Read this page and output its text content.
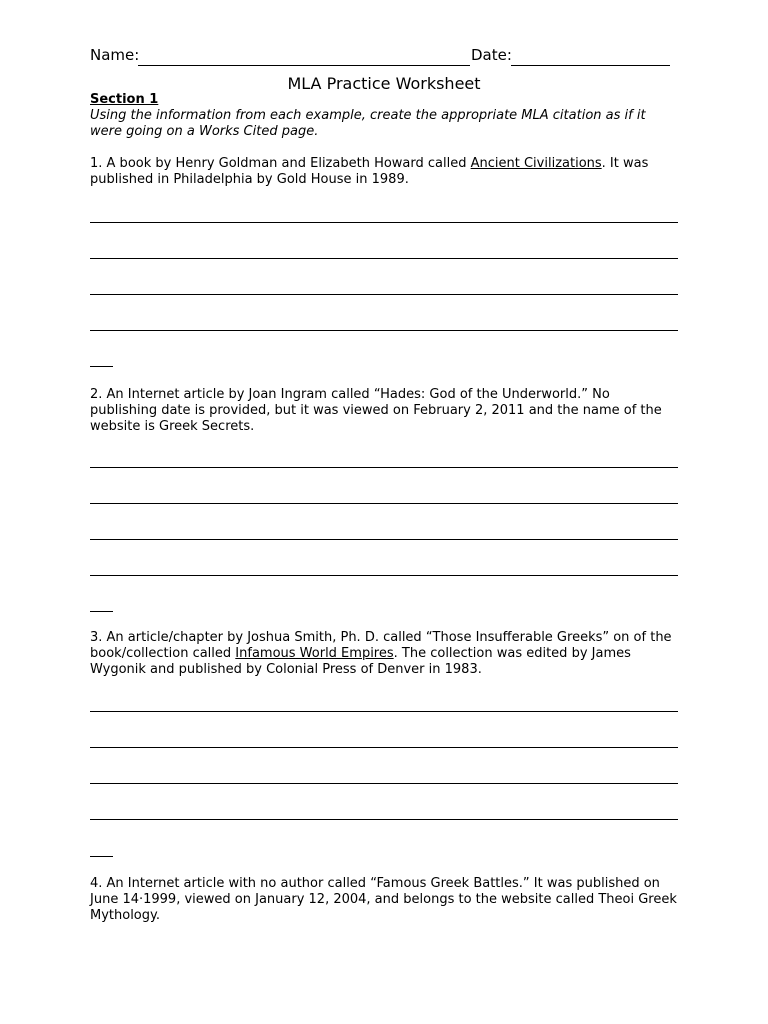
Name:	Date:
MLA Practice Worksheet
Section 1
Using the information from each example, create the appropriate MLA citation as if it were going on a Works Cited page.
1. A book by Henry Goldman and Elizabeth Howard called Ancient Civilizations. It was published in Philadelphia by Gold House in 1989.
2. An Internet article by Joan Ingram called “Hades: God of the Underworld.” No publishing date is provided, but it was viewed on February 2, 2011 and the name of the website is Greek Secrets.
3. An article/chapter by Joshua Smith, Ph. D. called “Those Insufferable Greeks” on of the book/collection called Infamous World Empires. The collection was edited by James Wygonik and published by Colonial Press of Denver in 1983.
4. An Internet article with no author called “Famous Greek Battles.” It was published on June 14·1999, viewed on January 12, 2004, and belongs to the website called Theoi Greek Mythology.
